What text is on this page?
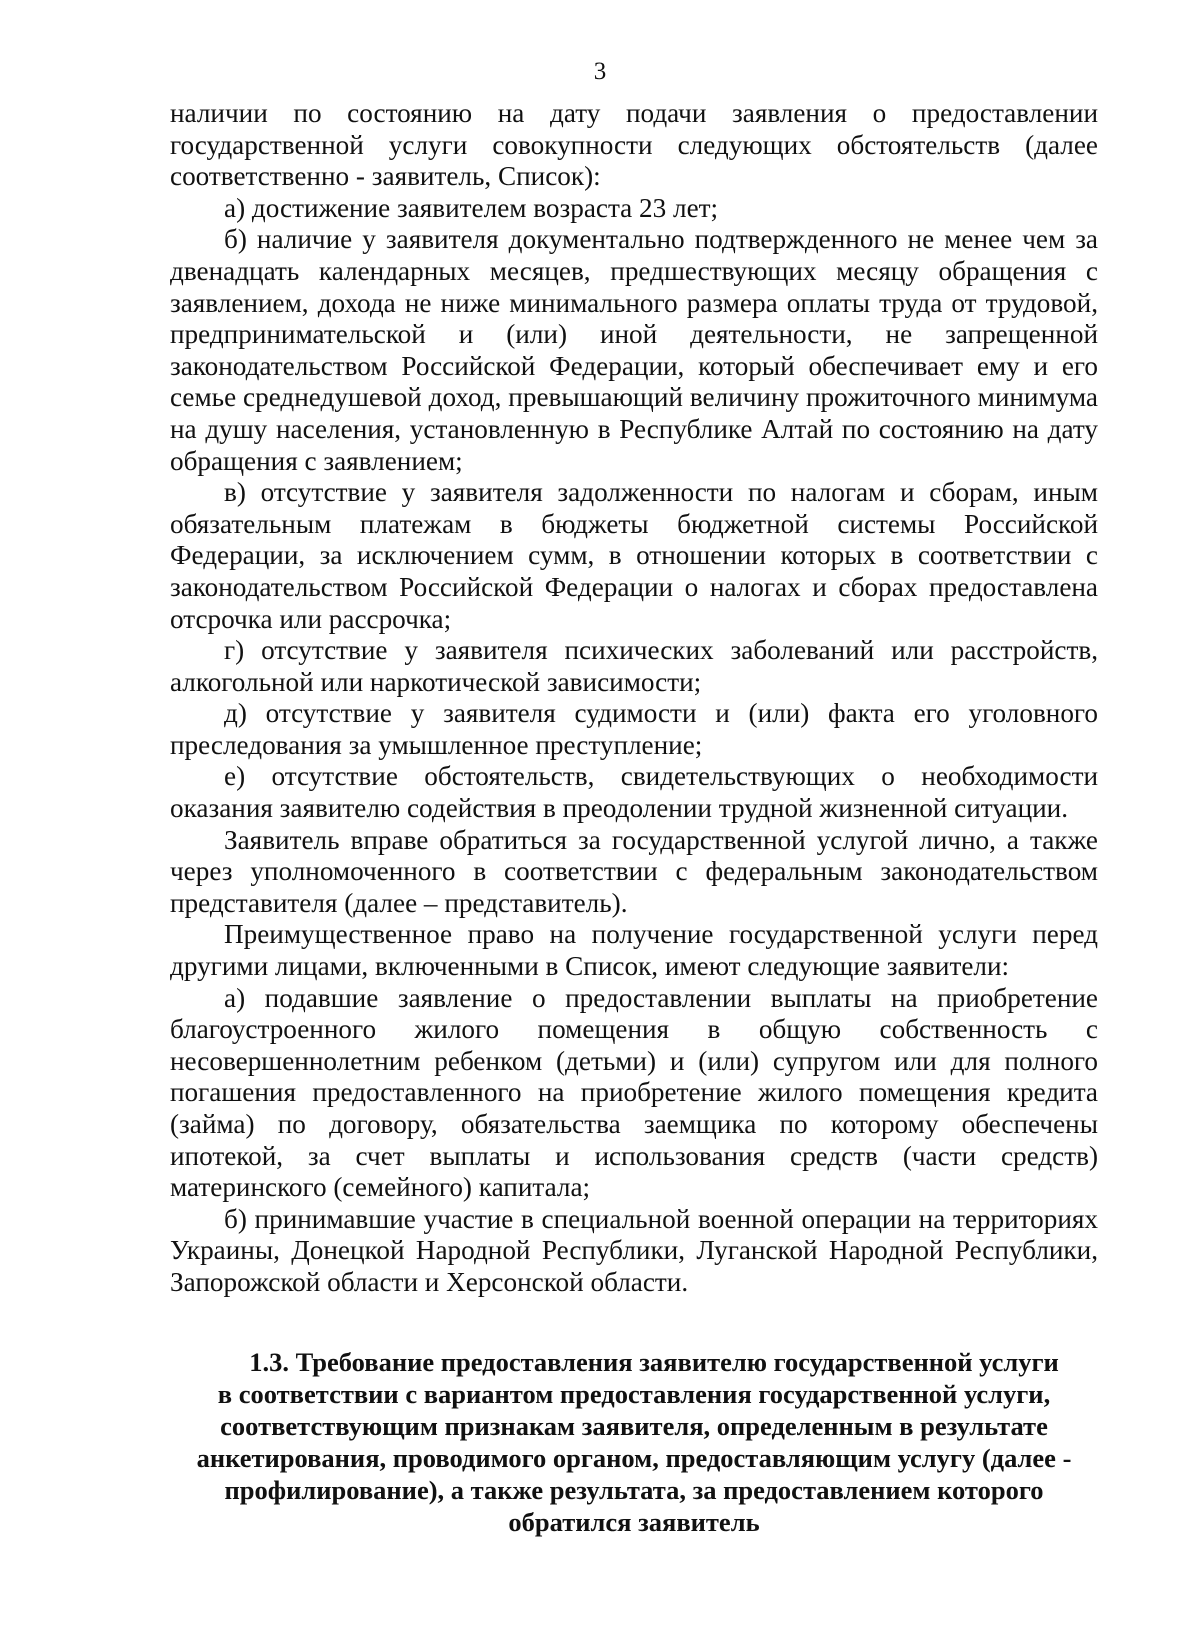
3

наличии по состоянию на дату подачи заявления о предоставлении государственной услуги совокупности следующих обстоятельств (далее соответственно - заявитель, Список):

а) достижение заявителем возраста 23 лет;

б) наличие у заявителя документально подтвержденного не менее чем за двенадцать календарных месяцев, предшествующих месяцу обращения с заявлением, дохода не ниже минимального размера оплаты труда от трудовой, предпринимательской и (или) иной деятельности, не запрещенной законодательством Российской Федерации, который обеспечивает ему и его семье среднедушевой доход, превышающий величину прожиточного минимума на душу населения, установленную в Республике Алтай по состоянию на дату обращения с заявлением;

в) отсутствие у заявителя задолженности по налогам и сборам, иным обязательным платежам в бюджеты бюджетной системы Российской Федерации, за исключением сумм, в отношении которых в соответствии с законодательством Российской Федерации о налогах и сборах предоставлена отсрочка или рассрочка;

г) отсутствие у заявителя психических заболеваний или расстройств, алкогольной или наркотической зависимости;

д) отсутствие у заявителя судимости и (или) факта его уголовного преследования за умышленное преступление;

е) отсутствие обстоятельств, свидетельствующих о необходимости оказания заявителю содействия в преодолении трудной жизненной ситуации.

Заявитель вправе обратиться за государственной услугой лично, а также через уполномоченного в соответствии с федеральным законодательством представителя (далее – представитель).

Преимущественное право на получение государственной услуги перед другими лицами, включенными в Список, имеют следующие заявители:

а) подавшие заявление о предоставлении выплаты на приобретение благоустроенного жилого помещения в общую собственность с несовершеннолетним ребенком (детьми) и (или) супругом или для полного погашения предоставленного на приобретение жилого помещения кредита (займа) по договору, обязательства заемщика по которому обеспечены ипотекой, за счет выплаты и использования средств (части средств) материнского (семейного) капитала;

б) принимавшие участие в специальной военной операции на территориях Украины, Донецкой Народной Республики, Луганской Народной Республики, Запорожской области и Херсонской области.

1.3. Требование предоставления заявителю государственной услуги
в соответствии с вариантом предоставления государственной услуги,
соответствующим признакам заявителя, определенным в результате
анкетирования, проводимого органом, предоставляющим услугу (далее -
профилирование), а также результата, за предоставлением которого
обратился заявитель
